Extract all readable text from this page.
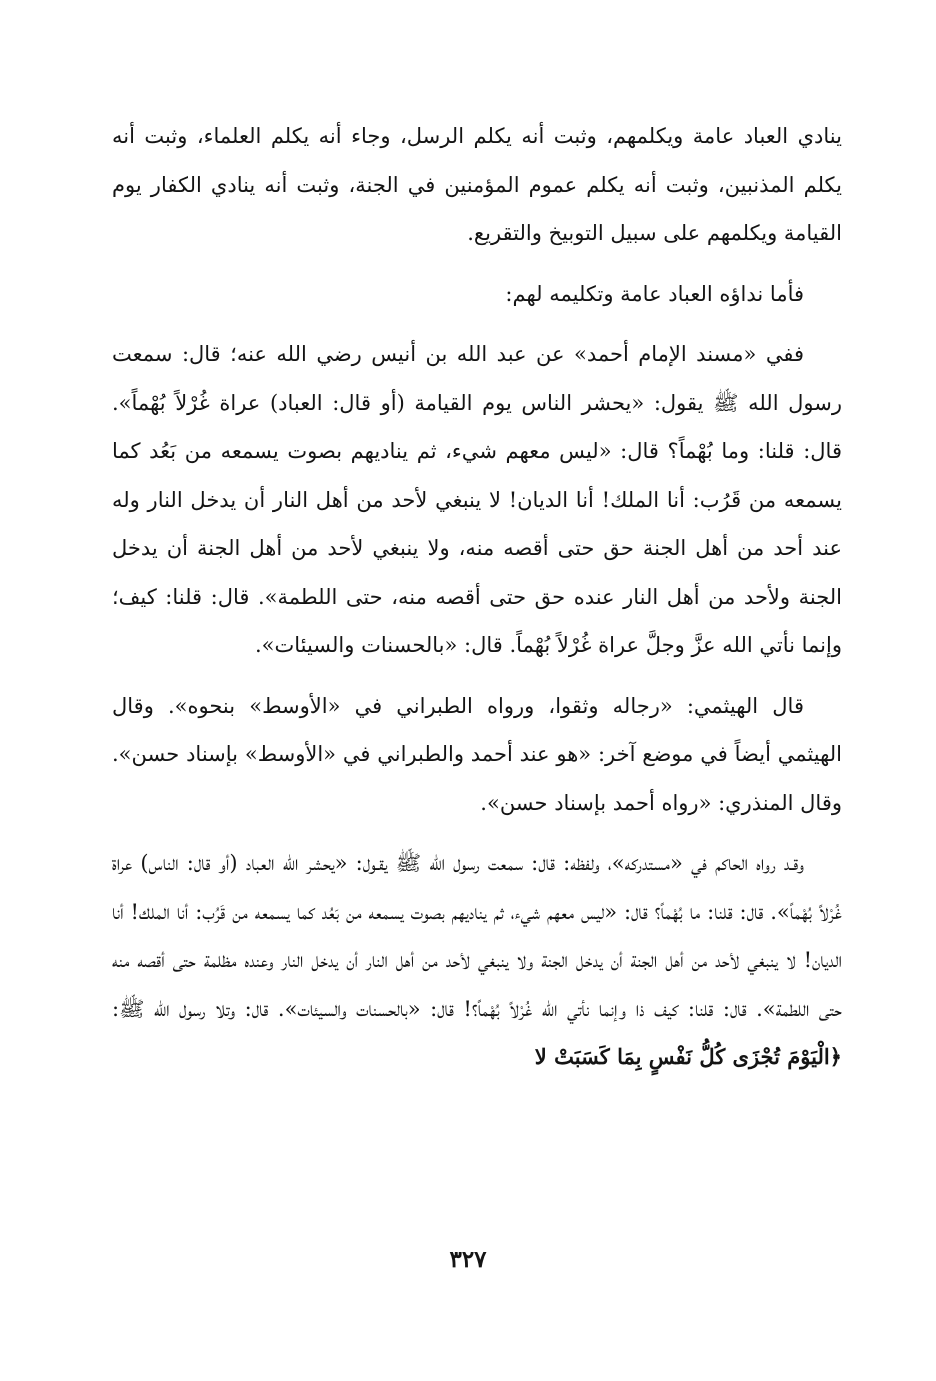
ينادي العباد عامة ويكلمهم، وثبت أنه يكلم الرسل، وجاء أنه يكلم العلماء، وثبت أنه يكلم المذنبين، وثبت أنه يكلم عموم المؤمنين في الجنة، وثبت أنه ينادي الكفار يوم القيامة ويكلمهم على سبيل التوبيخ والتقريع.

فأما نداؤه العباد عامة وتكليمه لهم:

ففي «مسند الإمام أحمد» عن عبد الله بن أنيس رضي الله عنه؛ قال: سمعت رسول الله ﷺ يقول: «يحشر الناس يوم القيامة (أو قال: العباد) عراة غُرْلاً بُهْماً». قال: قلنا: وما بُهْماً؟ قال: «ليس معهم شيء، ثم يناديهم بصوت يسمعه من بَعُد كما يسمعه من قَرُب: أنا الملك! أنا الديان! لا ينبغي لأحد من أهل النار أن يدخل النار وله عند أحد من أهل الجنة حق حتى أقصه منه، ولا ينبغي لأحد من أهل الجنة أن يدخل الجنة ولأحد من أهل النار عنده حق حتى أقصه منه، حتى اللطمة». قال: قلنا: كيف؛ وإنما نأتي الله عزَّ وجلَّ عراة غُرْلاً بُهْماً. قال: «بالحسنات والسيئات».

قال الهيثمي: «رجاله وثقوا، ورواه الطبراني في «الأوسط» بنحوه». وقال الهيثمي أيضاً في موضع آخر: «هو عند أحمد والطبراني في «الأوسط» بإسناد حسن». وقال المنذري: «رواه أحمد بإسناد حسن».

وقـد رواه الحاكم في «مستدركه»، ولفظه: قال: سمعت رسول الله ﷺ يقـول: «يحشر الله العباد (أو قال: الناس) عراة غُرْلاً بُهْماً». قال: قلنا: ما بُهْماً؟ قال: «ليس معهم شيء، ثم يناديهم بصوت يسمعه من بَعُد كما يسمعه من قَرُب: أنا الملك! أنا الديان! لا ينبغي لأحد من أهل الجنة أن يدخل الجنة ولا ينبغي لأحد من أهل النار أن يدخل النار وعنده مظلمة حتى أقصه منه حتى اللطمة». قال: قلنا: كيف ذا وإنما نأتي الله غُرْلاً بُهْماً؟! قال: «بالحسنات والسيئات». قال: وتلا رسول الله ﷺ: ﴿الْيَوْمَ تُجْزَى كُلُّ نَفْسٍ بِمَا كَسَبَتْ لا

٣٢٧
